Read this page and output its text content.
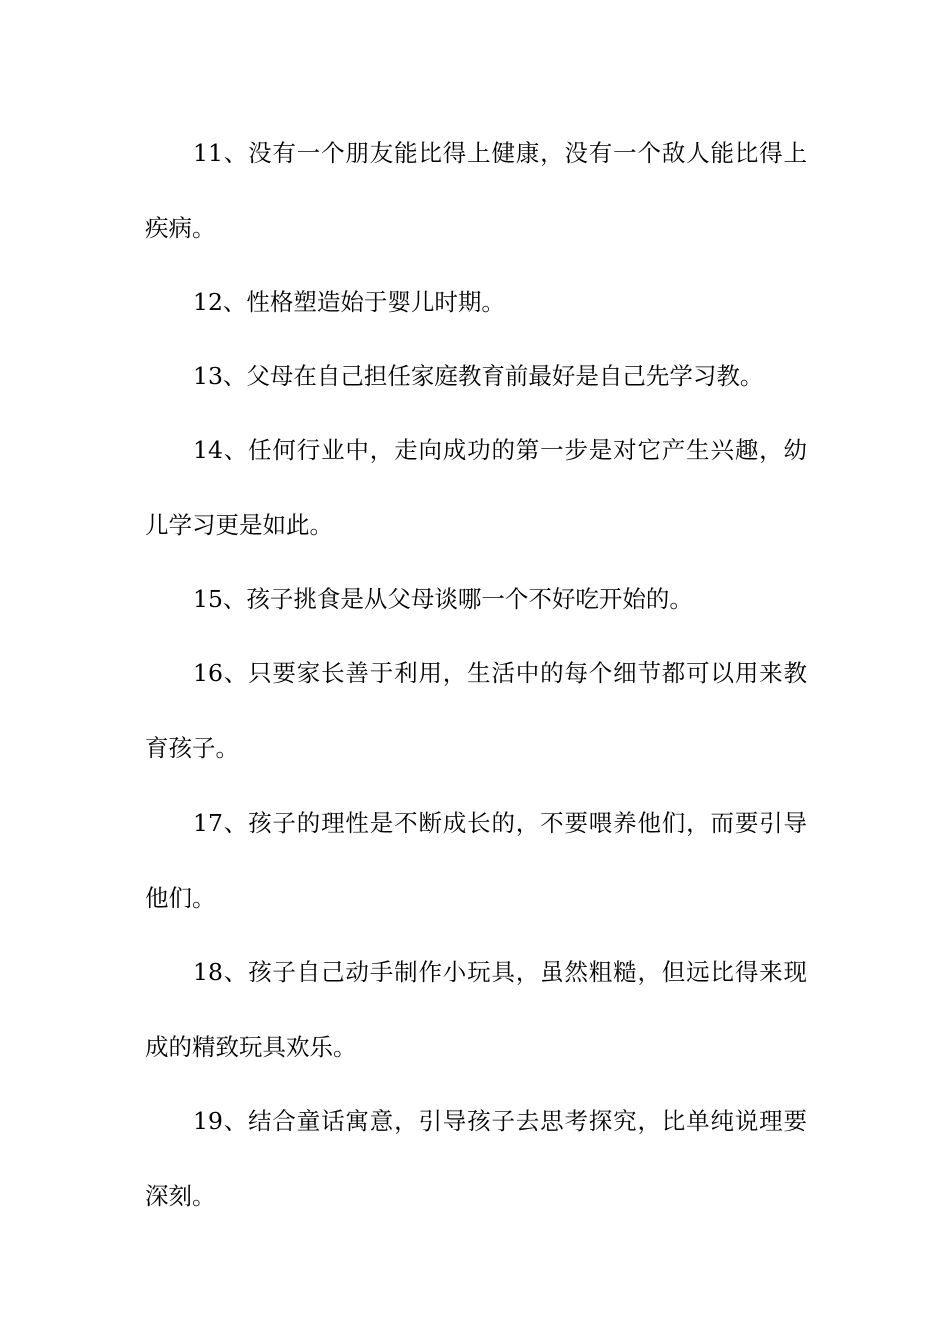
11、没有一个朋友能比得上健康，没有一个敌人能比得上疾病。

12、性格塑造始于婴儿时期。

13、父母在自己担任家庭教育前最好是自己先学习教。

14、任何行业中，走向成功的第一步是对它产生兴趣，幼儿学习更是如此。

15、孩子挑食是从父母谈哪一个不好吃开始的。

16、只要家长善于利用，生活中的每个细节都可以用来教育孩子。

17、孩子的理性是不断成长的，不要喂养他们，而要引导他们。

18、孩子自己动手制作小玩具，虽然粗糙，但远比得来现成的精致玩具欢乐。

19、结合童话寓意，引导孩子去思考探究，比单纯说理要深刻。
